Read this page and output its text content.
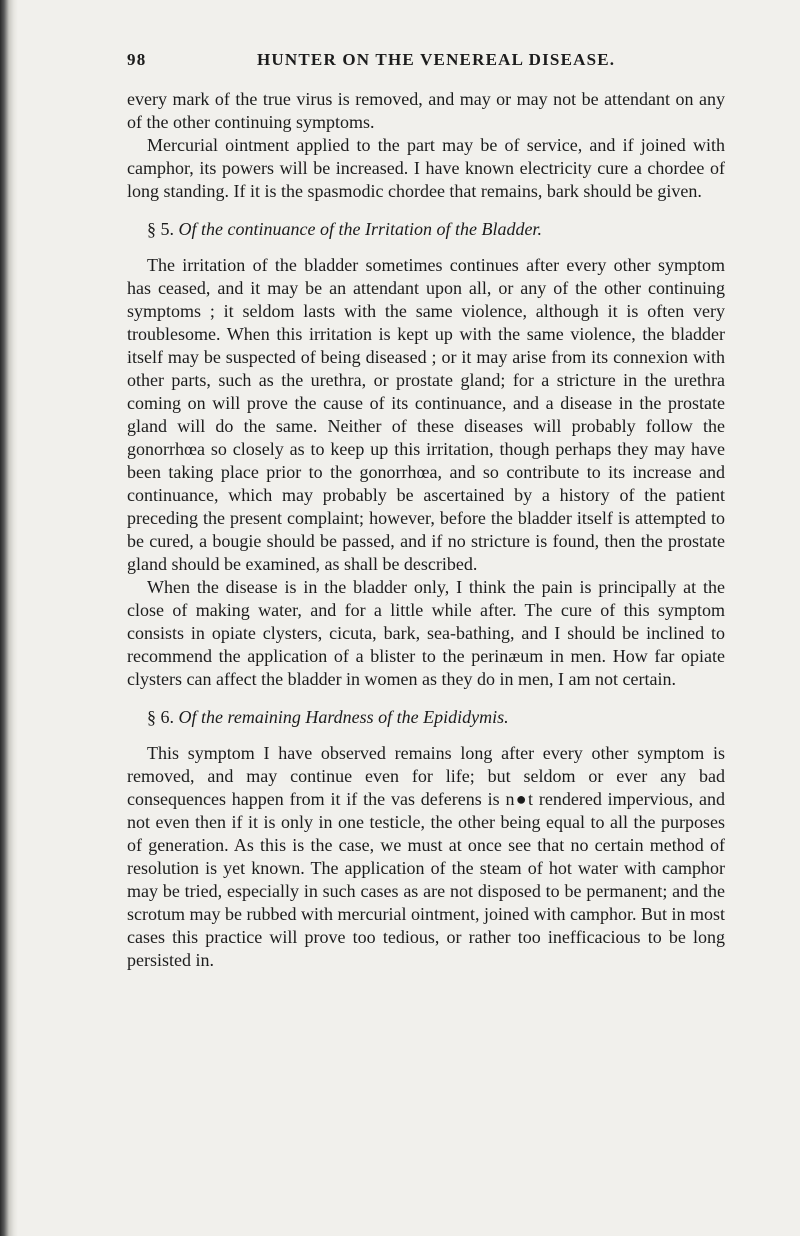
98	HUNTER ON THE VENEREAL DISEASE.

every mark of the true virus is removed, and may or may not be attendant on any of the other continuing symptoms.

Mercurial ointment applied to the part may be of service, and if joined with camphor, its powers will be increased. I have known electricity cure a chordee of long standing. If it is the spasmodic chordee that remains, bark should be given.

§ 5. Of the continuance of the Irritation of the Bladder.

The irritation of the bladder sometimes continues after every other symptom has ceased, and it may be an attendant upon all, or any of the other continuing symptoms ; it seldom lasts with the same violence, although it is often very troublesome. When this irritation is kept up with the same violence, the bladder itself may be suspected of being diseased ; or it may arise from its connexion with other parts, such as the urethra, or prostate gland; for a stricture in the urethra coming on will prove the cause of its continuance, and a disease in the prostate gland will do the same. Neither of these diseases will probably follow the gonorrhœa so closely as to keep up this irritation, though perhaps they may have been taking place prior to the gonorrhœa, and so contribute to its increase and continuance, which may probably be ascertained by a history of the patient preceding the present complaint; however, before the bladder itself is attempted to be cured, a bougie should be passed, and if no stricture is found, then the prostate gland should be examined, as shall be described.

When the disease is in the bladder only, I think the pain is principally at the close of making water, and for a little while after. The cure of this symptom consists in opiate clysters, cicuta, bark, sea-bathing, and I should be inclined to recommend the application of a blister to the perinæum in men. How far opiate clysters can affect the bladder in women as they do in men, I am not certain.

§ 6. Of the remaining Hardness of the Epididymis.

This symptom I have observed remains long after every other symptom is removed, and may continue even for life; but seldom or ever any bad consequences happen from it if the vas deferens is n●t rendered impervious, and not even then if it is only in one testicle, the other being equal to all the purposes of generation. As this is the case, we must at once see that no certain method of resolution is yet known. The application of the steam of hot water with camphor may be tried, especially in such cases as are not disposed to be permanent; and the scrotum may be rubbed with mercurial ointment, joined with camphor. But in most cases this practice will prove too tedious, or rather too inefficacious to be long persisted in.
